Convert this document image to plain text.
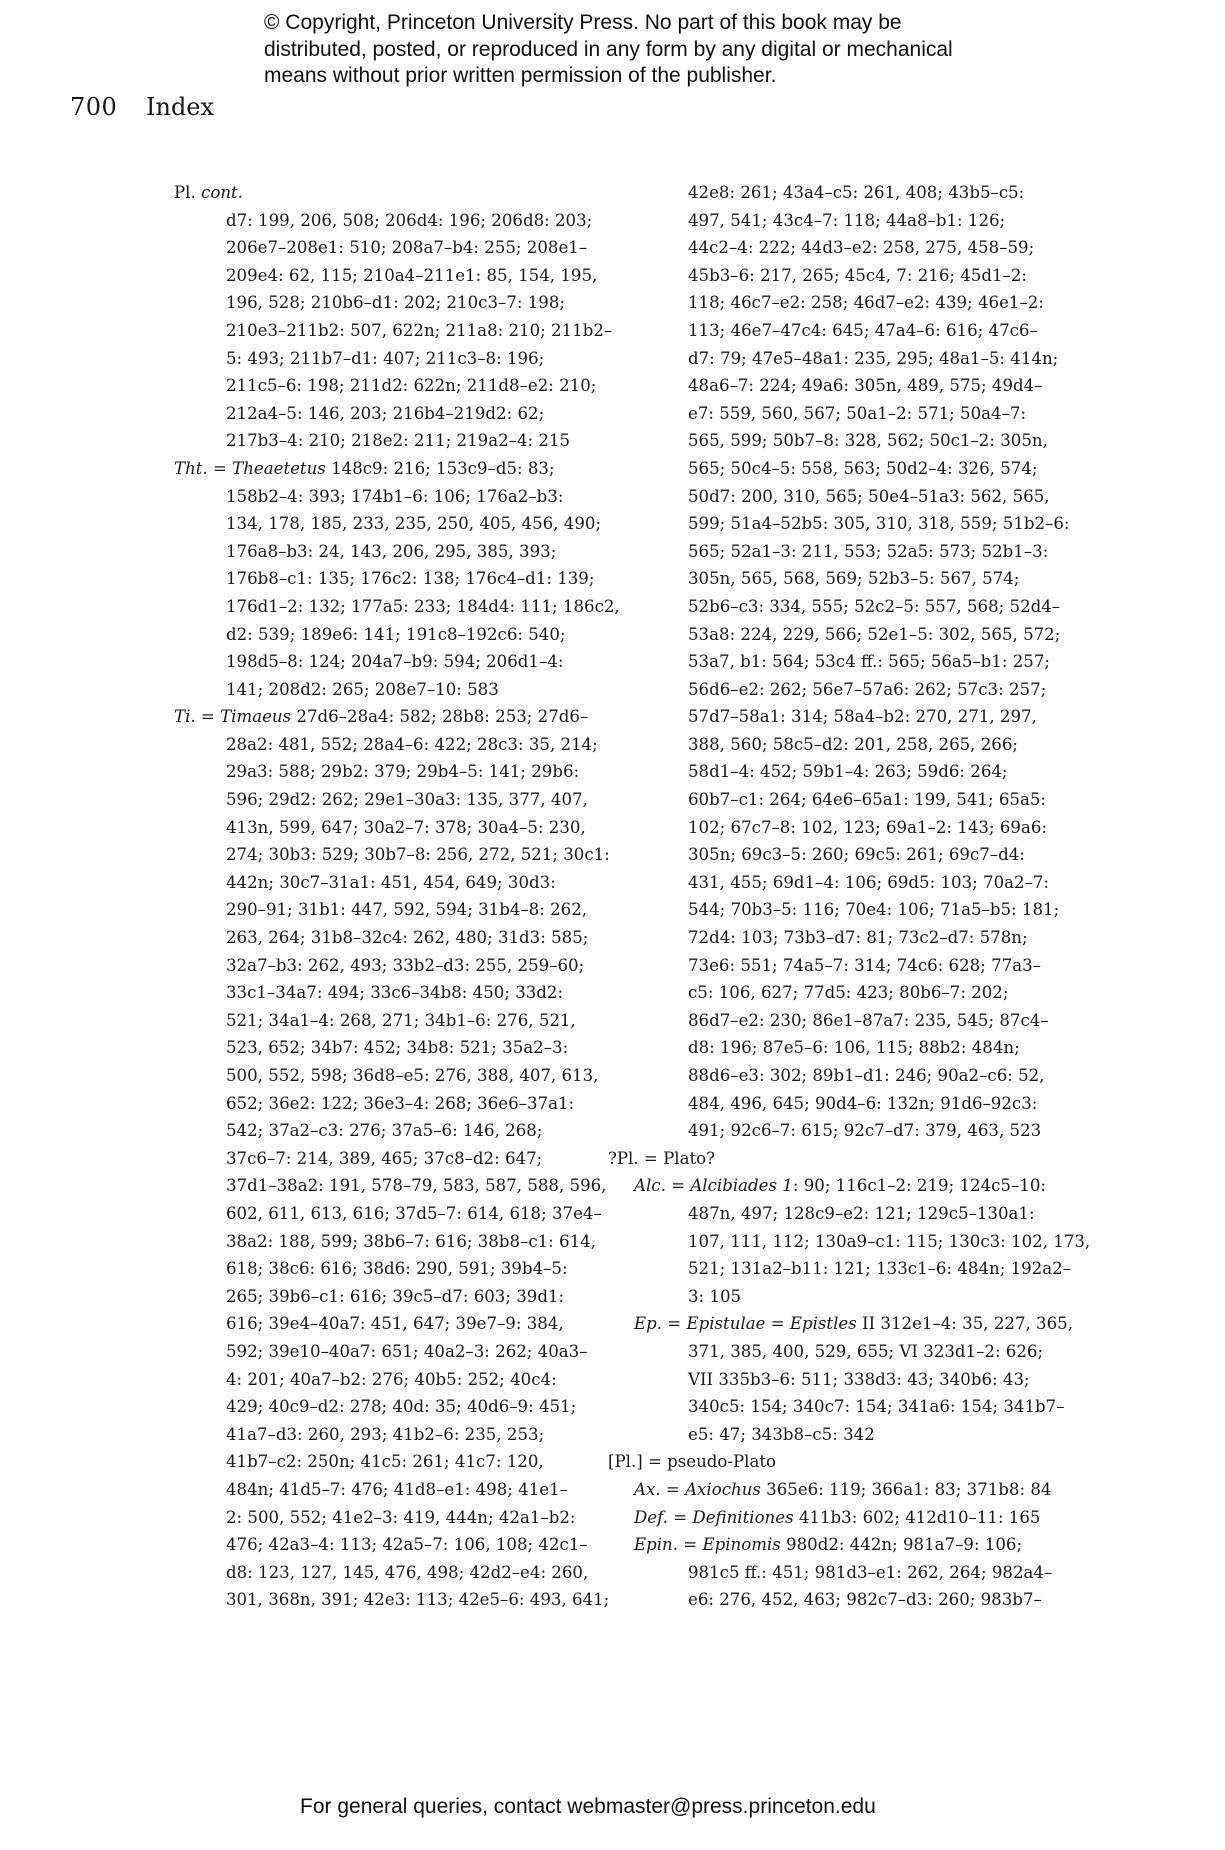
© Copyright, Princeton University Press. No part of this book may be
distributed, posted, or reproduced in any form by any digital or mechanical
means without prior written permission of the publisher.
700 Index
Pl. cont.
d7: 199, 206, 508; 206d4: 196; 206d8: 203;
206e7–208e1: 510; 208a7–b4: 255; 208e1–
209e4: 62, 115; 210a4–211e1: 85, 154, 195,
196, 528; 210b6–d1: 202; 210c3–7: 198;
210e3–211b2: 507, 622n; 211a8: 210; 211b2–
5: 493; 211b7–d1: 407; 211c3–8: 196;
211c5–6: 198; 211d2: 622n; 211d8–e2: 210;
212a4–5: 146, 203; 216b4–219d2: 62;
217b3–4: 210; 218e2: 211; 219a2–4: 215
Tht. = Theaetetus 148c9: 216; 153c9–d5: 83;
158b2–4: 393; 174b1–6: 106; 176a2–b3:
134, 178, 185, 233, 235, 250, 405, 456, 490;
176a8–b3: 24, 143, 206, 295, 385, 393;
176b8–c1: 135; 176c2: 138; 176c4–d1: 139;
176d1–2: 132; 177a5: 233; 184d4: 111; 186c2,
d2: 539; 189e6: 141; 191c8–192c6: 540;
198d5–8: 124; 204a7–b9: 594; 206d1–4:
141; 208d2: 265; 208e7–10: 583
Ti. = Timaeus 27d6–28a4: 582; 28b8: 253; 27d6–
28a2: 481, 552; 28a4–6: 422; 28c3: 35, 214;
29a3: 588; 29b2: 379; 29b4–5: 141; 29b6:
596; 29d2: 262; 29e1–30a3: 135, 377, 407,
413n, 599, 647; 30a2–7: 378; 30a4–5: 230,
274; 30b3: 529; 30b7–8: 256, 272, 521; 30c1:
442n; 30c7–31a1: 451, 454, 649; 30d3:
290–91; 31b1: 447, 592, 594; 31b4–8: 262,
263, 264; 31b8–32c4: 262, 480; 31d3: 585;
32a7–b3: 262, 493; 33b2–d3: 255, 259–60;
33c1–34a7: 494; 33c6–34b8: 450; 33d2:
521; 34a1–4: 268, 271; 34b1–6: 276, 521,
523, 652; 34b7: 452; 34b8: 521; 35a2–3:
500, 552, 598; 36d8–e5: 276, 388, 407, 613,
652; 36e2: 122; 36e3–4: 268; 36e6–37a1:
542; 37a2–c3: 276; 37a5–6: 146, 268;
37c6–7: 214, 389, 465; 37c8–d2: 647;
37d1–38a2: 191, 578–79, 583, 587, 588, 596,
602, 611, 613, 616; 37d5–7: 614, 618; 37e4–
38a2: 188, 599; 38b6–7: 616; 38b8–c1: 614,
618; 38c6: 616; 38d6: 290, 591; 39b4–5:
265; 39b6–c1: 616; 39c5–d7: 603; 39d1:
616; 39e4–40a7: 451, 647; 39e7–9: 384,
592; 39e10–40a7: 651; 40a2–3: 262; 40a3–
4: 201; 40a7–b2: 276; 40b5: 252; 40c4:
429; 40c9–d2: 278; 40d: 35; 40d6–9: 451;
41a7–d3: 260, 293; 41b2–6: 235, 253;
41b7–c2: 250n; 41c5: 261; 41c7: 120,
484n; 41d5–7: 476; 41d8–e1: 498; 41e1–
2: 500, 552; 41e2–3: 419, 444n; 42a1–b2:
476; 42a3–4: 113; 42a5–7: 106, 108; 42c1–
d8: 123, 127, 145, 476, 498; 42d2–e4: 260,
301, 368n, 391; 42e3: 113; 42e5–6: 493, 641;
42e8: 261; 43a4–c5: 261, 408; 43b5–c5:
497, 541; 43c4–7: 118; 44a8–b1: 126;
44c2–4: 222; 44d3–e2: 258, 275, 458–59;
45b3–6: 217, 265; 45c4, 7: 216; 45d1–2:
118; 46c7–e2: 258; 46d7–e2: 439; 46e1–2:
113; 46e7–47c4: 645; 47a4–6: 616; 47c6–
d7: 79; 47e5–48a1: 235, 295; 48a1–5: 414n;
48a6–7: 224; 49a6: 305n, 489, 575; 49d4–
e7: 559, 560, 567; 50a1–2: 571; 50a4–7:
565, 599; 50b7–8: 328, 562; 50c1–2: 305n,
565; 50c4–5: 558, 563; 50d2–4: 326, 574;
50d7: 200, 310, 565; 50e4–51a3: 562, 565,
599; 51a4–52b5: 305, 310, 318, 559; 51b2–6:
565; 52a1–3: 211, 553; 52a5: 573; 52b1–3:
305n, 565, 568, 569; 52b3–5: 567, 574;
52b6–c3: 334, 555; 52c2–5: 557, 568; 52d4–
53a8: 224, 229, 566; 52e1–5: 302, 565, 572;
53a7, b1: 564; 53c4 ff.: 565; 56a5–b1: 257;
56d6–e2: 262; 56e7–57a6: 262; 57c3: 257;
57d7–58a1: 314; 58a4–b2: 270, 271, 297,
388, 560; 58c5–d2: 201, 258, 265, 266;
58d1–4: 452; 59b1–4: 263; 59d6: 264;
60b7–c1: 264; 64e6–65a1: 199, 541; 65a5:
102; 67c7–8: 102, 123; 69a1–2: 143; 69a6:
305n; 69c3–5: 260; 69c5: 261; 69c7–d4:
431, 455; 69d1–4: 106; 69d5: 103; 70a2–7:
544; 70b3–5: 116; 70e4: 106; 71a5–b5: 181;
72d4: 103; 73b3–d7: 81; 73c2–d7: 578n;
73e6: 551; 74a5–7: 314; 74c6: 628; 77a3–
c5: 106, 627; 77d5: 423; 80b6–7: 202;
86d7–e2: 230; 86e1–87a7: 235, 545; 87c4–
d8: 196; 87e5–6: 106, 115; 88b2: 484n;
88d6–e3: 302; 89b1–d1: 246; 90a2–c6: 52,
484, 496, 645; 90d4–6: 132n; 91d6–92c3:
491; 92c6–7: 615; 92c7–d7: 379, 463, 523
?Pl. = Plato?
Alc. = Alcibiades 1: 90; 116c1–2: 219; 124c5–10:
487n, 497; 128c9–e2: 121; 129c5–130a1:
107, 111, 112; 130a9–c1: 115; 130c3: 102, 173,
521; 131a2–b11: 121; 133c1–6: 484n; 192a2–
3: 105
Ep. = Epistulae = Epistles II 312e1–4: 35, 227, 365,
371, 385, 400, 529, 655; VI 323d1–2: 626;
VII 335b3–6: 511; 338d3: 43; 340b6: 43;
340c5: 154; 340c7: 154; 341a6: 154; 341b7–
e5: 47; 343b8–c5: 342
[Pl.] = pseudo-Plato
Ax. = Axiochus 365e6: 119; 366a1: 83; 371b8: 84
Def. = Definitiones 411b3: 602; 412d10–11: 165
Epin. = Epinomis 980d2: 442n; 981a7–9: 106;
981c5 ff.: 451; 981d3–e1: 262, 264; 982a4–
e6: 276, 452, 463; 982c7–d3: 260; 983b7–
For general queries, contact webmaster@press.princeton.edu
